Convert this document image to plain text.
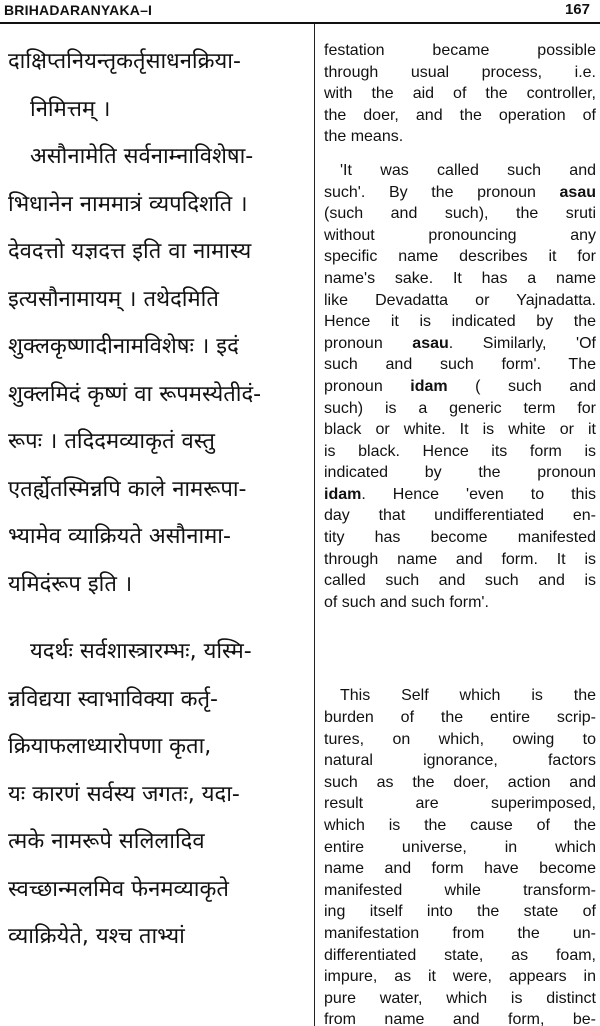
BRIHADARANYAKA–I	167
दाक्षिप्तनियन्तृकर्तृसाधनक्रिया-
निमित्तम् ।
असौनामेति सर्वनाम्नाविशेषा-
भिधानेन नाममात्रं व्यपदिशति ।
देवदत्तो यज्ञदत्त इति वा नामास्य
इत्यसौनामायम् । तथेदमिति
शुक्लकृष्णादीनामविशेषः । इदं
शुक्लमिदं कृष्णं वा रूपमस्येतीदं-
रूपः । तदिदमव्याकृतं वस्तु
एतर्ह्येतस्मिन्नपि काले नामरूपा-
भ्यामेव व्याक्रियते असौनामा-
यमिदंरूप इति ।
यदर्थः सर्वशास्त्रारम्भः, यस्मि-
न्नविद्यया स्वाभाविक्या कर्तृ-
क्रियाफलाध्यारोपणा कृता,
यः कारणं सर्वस्य जगतः, यदा-
त्मके नामरूपे सलिलादिव
स्वच्छान्मलमिव फेनमव्याकृते
व्याक्रियेते, यश्च ताभ्यां
festation became possible
through usual process, i.e.
with the aid of the controller,
the doer, and the operation of
the means.
'It was called such and
such'. By the pronoun asau
(such and such), the sruti
without pronouncing any
specific name describes it for
name's sake. It has a name
like Devadatta or Yajnadatta.
Hence it is indicated by the
pronoun asau. Similarly, 'Of
such and such form'. The
pronoun idam ( such and
such) is a generic term for
black or white. It is white or it
is black. Hence its form is
indicated by the pronoun
idam. Hence 'even to this
day that undifferentiated en-
tity has become manifested
through name and form. It is
called such and such and is
of such and such form'.
This Self which is the
burden of the entire scrip-
tures, on which, owing to
natural ignorance, factors
such as the doer, action and
result are superimposed,
which is the cause of the
entire universe, in which
name and form have become
manifested while transform-
ing itself into the state of
manifestation from the un-
differentiated state, as foam,
impure, as it were, appears in
pure water, which is distinct
from name and form, be-
